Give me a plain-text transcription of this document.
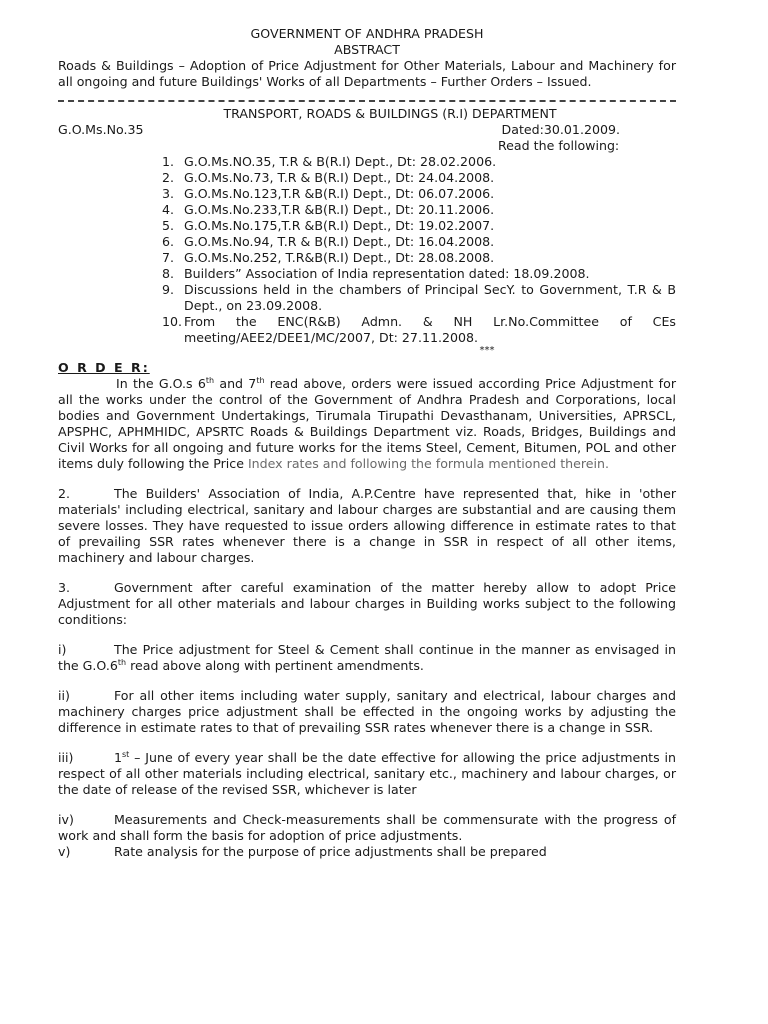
GOVERNMENT OF ANDHRA PRADESH
ABSTRACT
Roads & Buildings – Adoption of Price Adjustment for Other Materials, Labour and Machinery for all ongoing and future Buildings' Works of all Departments – Further Orders – Issued.
TRANSPORT, ROADS & BUILDINGS (R.I) DEPARTMENT
G.O.Ms.No.35	Dated:30.01.2009.
Read the following:
1. G.O.Ms.NO.35, T.R & B(R.I) Dept., Dt: 28.02.2006.
2. G.O.Ms.No.73, T.R & B(R.I) Dept., Dt: 24.04.2008.
3. G.O.Ms.No.123,T.R &B(R.I) Dept., Dt: 06.07.2006.
4. G.O.Ms.No.233,T.R &B(R.I) Dept., Dt: 20.11.2006.
5. G.O.Ms.No.175,T.R &B(R.I) Dept., Dt: 19.02.2007.
6. G.O.Ms.No.94, T.R & B(R.I) Dept., Dt: 16.04.2008.
7. G.O.Ms.No.252, T.R&B(R.I) Dept., Dt: 28.08.2008.
8. Builders” Association of India representation dated: 18.09.2008.
9. Discussions held in the chambers of Principal SecY. to Government, T.R & B Dept., on 23.09.2008.
10. From the ENC(R&B) Admn. & NH Lr.No.Committee of CEs meeting/AEE2/DEE1/MC/2007, Dt: 27.11.2008.
***
O R D E R:

In the G.O.s 6th and 7th read above, orders were issued according Price Adjustment for all the works under the control of the Government of Andhra Pradesh and Corporations, local bodies and Government Undertakings, Tirumala Tirupathi Devasthanam, Universities, APRSCL, APSPHC, APHMHIDC, APSRTC Roads & Buildings Department viz. Roads, Bridges, Buildings and Civil Works for all ongoing and future works for the items Steel, Cement, Bitumen, POL and other items duly following the Price Index rates and following the formula mentioned therein.

2.	The Builders' Association of India, A.P.Centre have represented that, hike in 'other materials' including electrical, sanitary and labour charges are substantial and are causing them severe losses. They have requested to issue orders allowing difference in estimate rates to that of prevailing SSR rates whenever there is a change in SSR in respect of all other items, machinery and labour charges.

3.	Government after careful examination of the matter hereby allow to adopt Price Adjustment for all other materials and labour charges in Building works subject to the following conditions:

i)	The Price adjustment for Steel & Cement shall continue in the manner as envisaged in the G.O.6th read above along with pertinent amendments.

ii)	For all other items including water supply, sanitary and electrical, labour charges and machinery charges price adjustment shall be effected in the ongoing works by adjusting the difference in estimate rates to that of prevailing SSR rates whenever there is a change in SSR.

iii)	1st – June of every year shall be the date effective for allowing the price adjustments in respect of all other materials including electrical, sanitary etc., machinery and labour charges, or the date of release of the revised SSR, whichever is later

iv)	Measurements and Check-measurements shall be commensurate with the progress of work and shall form the basis for adoption of price adjustments.

v)	Rate analysis for the purpose of price adjustments shall be prepared
